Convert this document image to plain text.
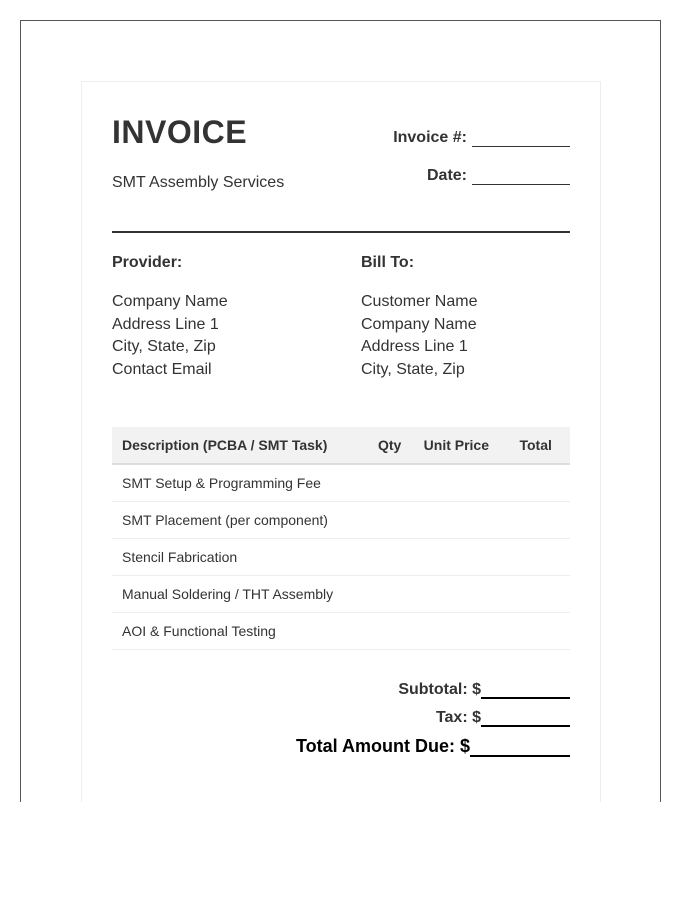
INVOICE
SMT Assembly Services
Invoice #:
Date:
Provider:
Company Name
Address Line 1
City, State, Zip
Contact Email
Bill To:
Customer Name
Company Name
Address Line 1
City, State, Zip
Description (PCBA / SMT Task)	Qty	Unit Price	Total
SMT Setup & Programming Fee			
SMT Placement (per component)			
Stencil Fabrication			
Manual Soldering / THT Assembly			
AOI & Functional Testing			
Subtotal: $
Tax: $
Total Amount Due: $
